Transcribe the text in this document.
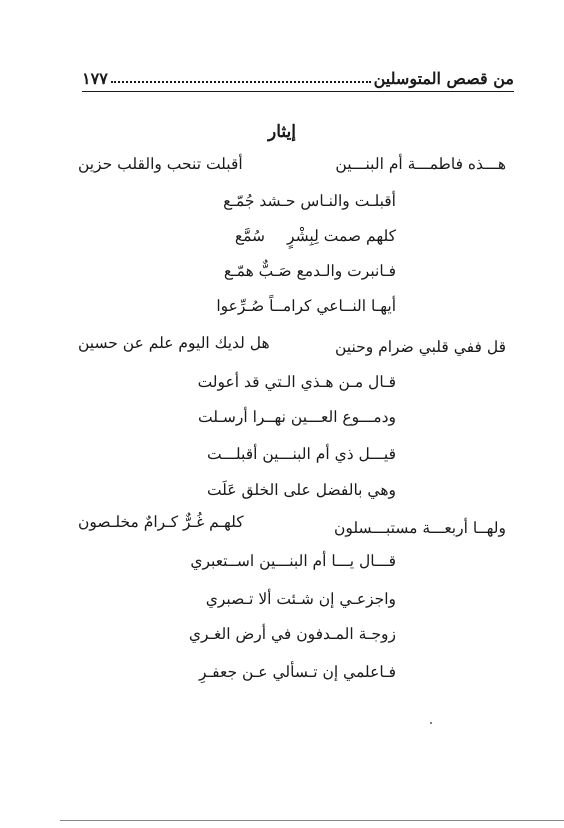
١٧٧	من قصص المتوسلين
إيثار
هـــذه فاطمـــة أم البنـــين
أقبلت تنحب والقلب حزين
أقبلـت والنـاس حـشد جُمّـع
كلهم صمت لِبِشْرٍسُمَّع
فـانبرت والـدمع صَـبٌّ همّـع
أيهـا النــاعي كرامــاً صُـرِّعوا
قل ففي قلبي ضرام وحنين
هل لديك اليوم علم عن حسين
قـال مـن هـذي الـتي قد أعولت
ودمـــوع العـــين نهــرا أرسـلت
قيـــل ذي أم البنـــين أقبلـــت
وهي بالفضل على الخلق عَلَت
ولهــا أربعـــة مستبـــسلون
كلهـم غُـرٌّ كـرامٌ مخلـصون
قـــال يـــا أم البنـــين اســتعبري
واجزعـي إن شـئت ألا تـصبري
زوجـة المـدفون في أرض الغـري
فـاعلمي إن تـسألي عـن جعفـرِ
